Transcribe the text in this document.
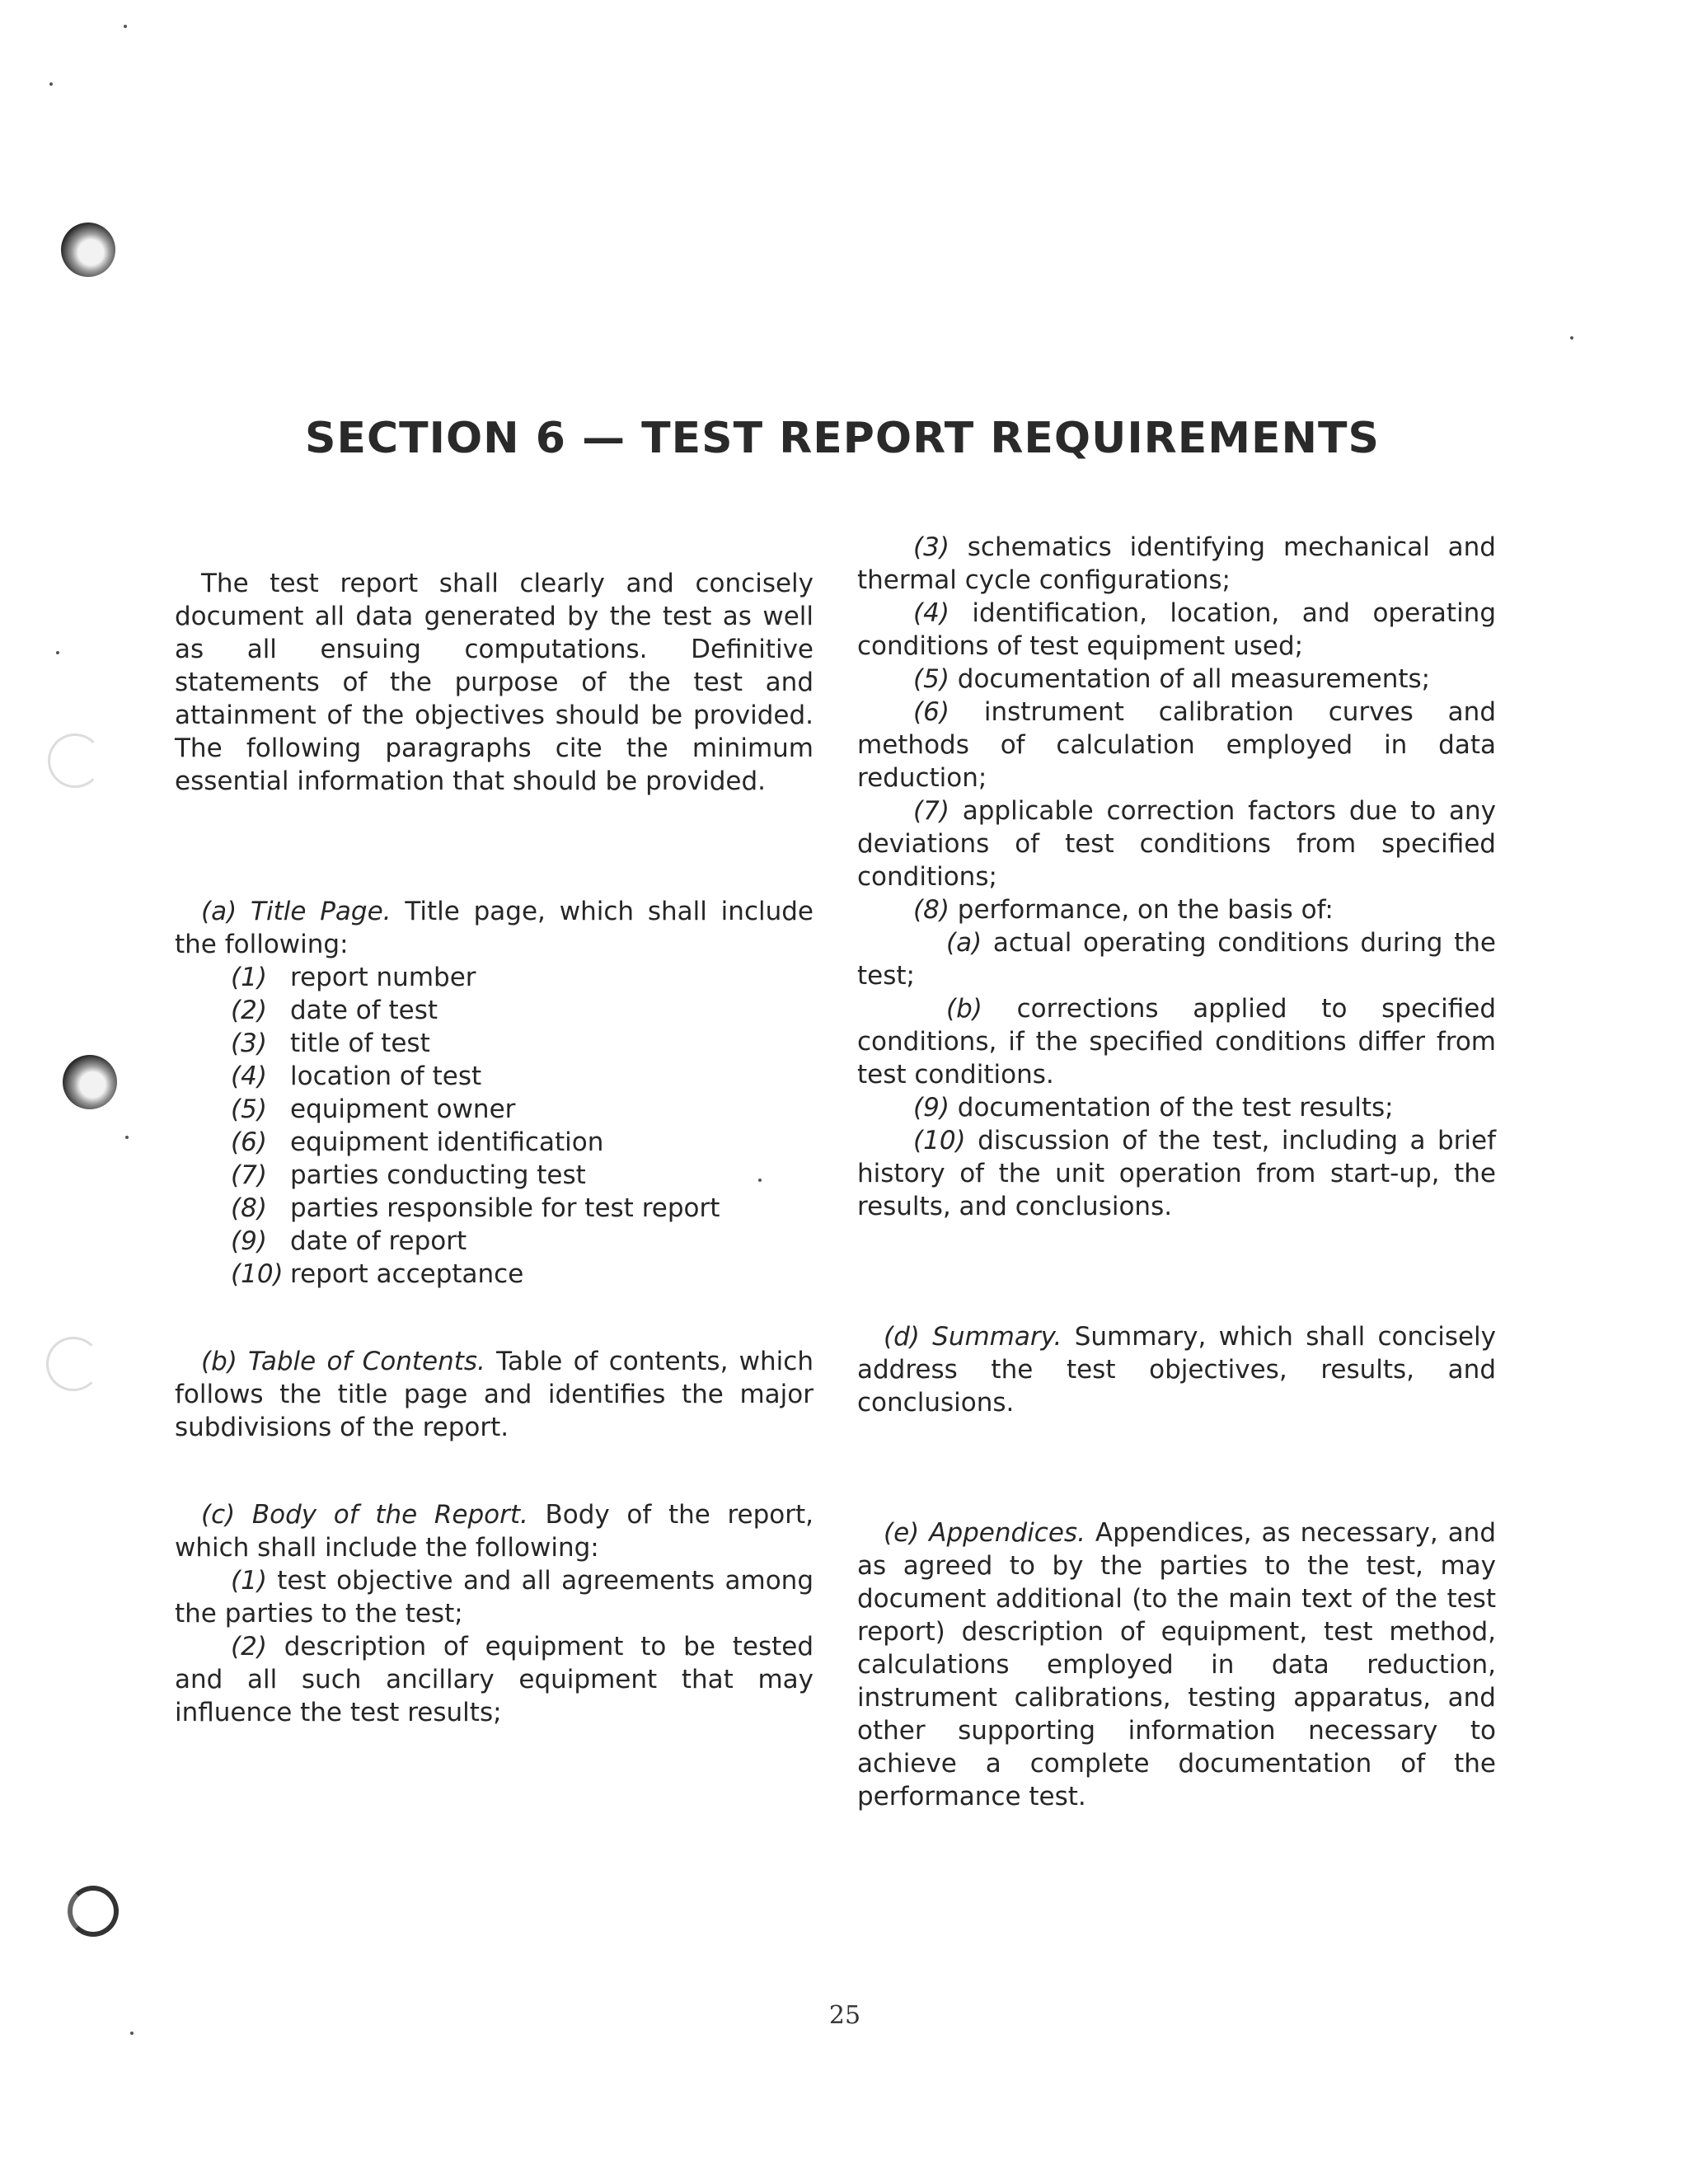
SECTION 6 — TEST REPORT REQUIREMENTS

The test report shall clearly and concisely document all data generated by the test as well as all ensuing computations. Definitive statements of the purpose of the test and attainment of the objectives should be provided. The following paragraphs cite the minimum essential information that should be provided.

(a) Title Page. Title page, which shall include the following:

(1) report number
(2) date of test
(3) title of test
(4) location of test
(5) equipment owner
(6) equipment identification
(7) parties conducting test
(8) parties responsible for test report
(9) date of report
(10) report acceptance

(b) Table of Contents. Table of contents, which follows the title page and identifies the major subdivisions of the report.

(c) Body of the Report. Body of the report, which shall include the following:

(1) test objective and all agreements among the parties to the test;

(2) description of equipment to be tested and all such ancillary equipment that may influence the test results;

(3) schematics identifying mechanical and thermal cycle configurations;

(4) identification, location, and operating conditions of test equipment used;

(5) documentation of all measurements;

(6) instrument calibration curves and methods of calculation employed in data reduction;

(7) applicable correction factors due to any deviations of test conditions from specified conditions;

(8) performance, on the basis of:

(a) actual operating conditions during the test;

(b) corrections applied to specified conditions, if the specified conditions differ from test conditions.

(9) documentation of the test results;

(10) discussion of the test, including a brief history of the unit operation from start-up, the results, and conclusions.

(d) Summary. Summary, which shall concisely address the test objectives, results, and conclusions.

(e) Appendices. Appendices, as necessary, and as agreed to by the parties to the test, may document additional (to the main text of the test report) description of equipment, test method, calculations employed in data reduction, instrument calibrations, testing apparatus, and other supporting information necessary to achieve a complete documentation of the performance test.

25
